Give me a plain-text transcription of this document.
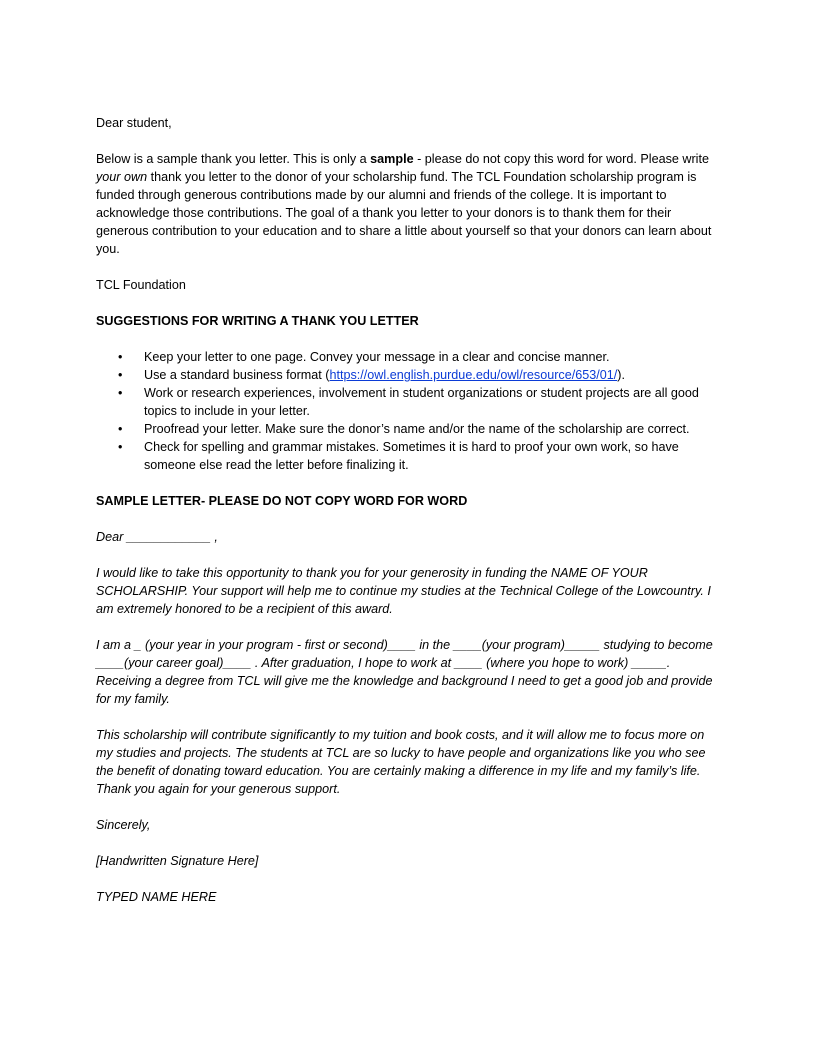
Dear student,

Below is a sample thank you letter. This is only a sample - please do not copy this word for word. Please write your own thank you letter to the donor of your scholarship fund. The TCL Foundation scholarship program is funded through generous contributions made by our alumni and friends of the college. It is important to acknowledge those contributions. The goal of a thank you letter to your donors is to thank them for their generous contribution to your education and to share a little about yourself so that your donors can learn about you.

TCL Foundation

SUGGESTIONS FOR WRITING A THANK YOU LETTER

• Keep your letter to one page. Convey your message in a clear and concise manner.
• Use a standard business format (https://owl.english.purdue.edu/owl/resource/653/01/).
• Work or research experiences, involvement in student organizations or student projects are all good topics to include in your letter.
• Proofread your letter. Make sure the donor’s name and/or the name of the scholarship are correct.
• Check for spelling and grammar mistakes. Sometimes it is hard to proof your own work, so have someone else read the letter before finalizing it.

SAMPLE LETTER- PLEASE DO NOT COPY WORD FOR WORD

Dear ____________ ,

I would like to take this opportunity to thank you for your generosity in funding the NAME OF YOUR SCHOLARSHIP. Your support will help me to continue my studies at the Technical College of the Lowcountry. I am extremely honored to be a recipient of this award.

I am a _ (your year in your program - first or second)____ in the ____(your program)_____ studying to become ____(your career goal)____ . After graduation, I hope to work at ____ (where you hope to work) _____. Receiving a degree from TCL will give me the knowledge and background I need to get a good job and provide for my family.

This scholarship will contribute significantly to my tuition and book costs, and it will allow me to focus more on my studies and projects. The students at TCL are so lucky to have people and organizations like you who see the benefit of donating toward education. You are certainly making a difference in my life and my family’s life. Thank you again for your generous support.

Sincerely,

[Handwritten Signature Here]

TYPED NAME HERE
